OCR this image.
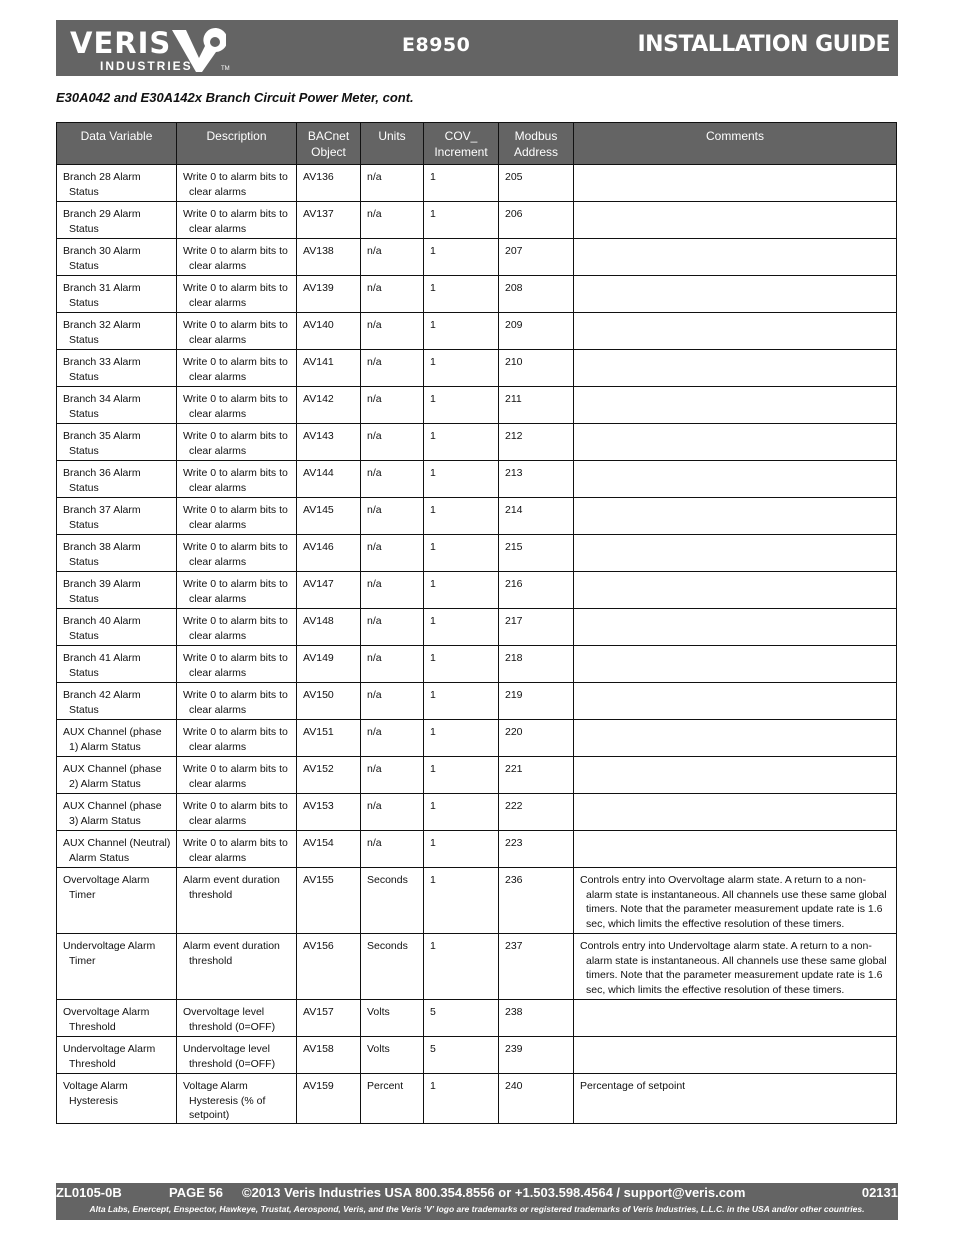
VERIS
INDUSTRIES	TM
E8950	INSTALLATION GUIDE
E30A042 and E30A142x Branch Circuit Power Meter, cont.
Data Variable	Description	BACnet Object	Units	COV_ Increment	Modbus Address	Comments

Branch 28 Alarm Status	Write 0 to alarm bits to clear alarms	AV136	n/a	1	205	

Branch 29 Alarm Status	Write 0 to alarm bits to clear alarms	AV137	n/a	1	206	

Branch 30 Alarm Status	Write 0 to alarm bits to clear alarms	AV138	n/a	1	207	

Branch 31 Alarm Status	Write 0 to alarm bits to clear alarms	AV139	n/a	1	208	

Branch 32 Alarm Status	Write 0 to alarm bits to clear alarms	AV140	n/a	1	209	

Branch 33 Alarm Status	Write 0 to alarm bits to clear alarms	AV141	n/a	1	210	

Branch 34 Alarm Status	Write 0 to alarm bits to clear alarms	AV142	n/a	1	211	

Branch 35 Alarm Status	Write 0 to alarm bits to clear alarms	AV143	n/a	1	212	

Branch 36 Alarm Status	Write 0 to alarm bits to clear alarms	AV144	n/a	1	213	

Branch 37 Alarm Status	Write 0 to alarm bits to clear alarms	AV145	n/a	1	214	

Branch 38 Alarm Status	Write 0 to alarm bits to clear alarms	AV146	n/a	1	215	

Branch 39 Alarm Status	Write 0 to alarm bits to clear alarms	AV147	n/a	1	216	

Branch 40 Alarm Status	Write 0 to alarm bits to clear alarms	AV148	n/a	1	217	

Branch 41 Alarm Status	Write 0 to alarm bits to clear alarms	AV149	n/a	1	218	

Branch 42 Alarm Status	Write 0 to alarm bits to clear alarms	AV150	n/a	1	219	

AUX Channel (phase 1) Alarm Status	Write 0 to alarm bits to clear alarms	AV151	n/a	1	220	

AUX Channel (phase 2) Alarm Status	Write 0 to alarm bits to clear alarms	AV152	n/a	1	221	

AUX Channel (phase 3) Alarm Status	Write 0 to alarm bits to clear alarms	AV153	n/a	1	222	

AUX Channel (Neutral) Alarm Status	Write 0 to alarm bits to clear alarms	AV154	n/a	1	223	

Overvoltage Alarm Timer	Alarm event duration threshold	AV155	Seconds	1	236	Controls entry into Overvoltage alarm state. A return to a non-alarm state is instantaneous. All channels use these same global timers. Note that the parameter measurement update rate is 1.6 sec, which limits the effective resolution of these timers.

Undervoltage Alarm Timer	Alarm event duration threshold	AV156	Seconds	1	237	Controls entry into Undervoltage alarm state. A return to a non-alarm state is instantaneous. All channels use these same global timers. Note that the parameter measurement update rate is 1.6 sec, which limits the effective resolution of these timers.

Overvoltage Alarm Threshold	Overvoltage level threshold (0=OFF)	AV157	Volts	5	238	

Undervoltage Alarm Threshold	Undervoltage level threshold (0=OFF)	AV158	Volts	5	239	

Voltage Alarm Hysteresis	Voltage Alarm Hysteresis (% of setpoint)	AV159	Percent	1	240	Percentage of setpoint
ZL0105-0B	PAGE 56 ©2013 Veris Industries USA 800.354.8556 or +1.503.598.4564 / support@veris.com	02131
Alta Labs, Enercept, Enspector, Hawkeye, Trustat, Aerospond, Veris, and the Veris ‘V’ logo are trademarks or registered trademarks of Veris Industries, L.L.C. in the USA and/or other countries.
